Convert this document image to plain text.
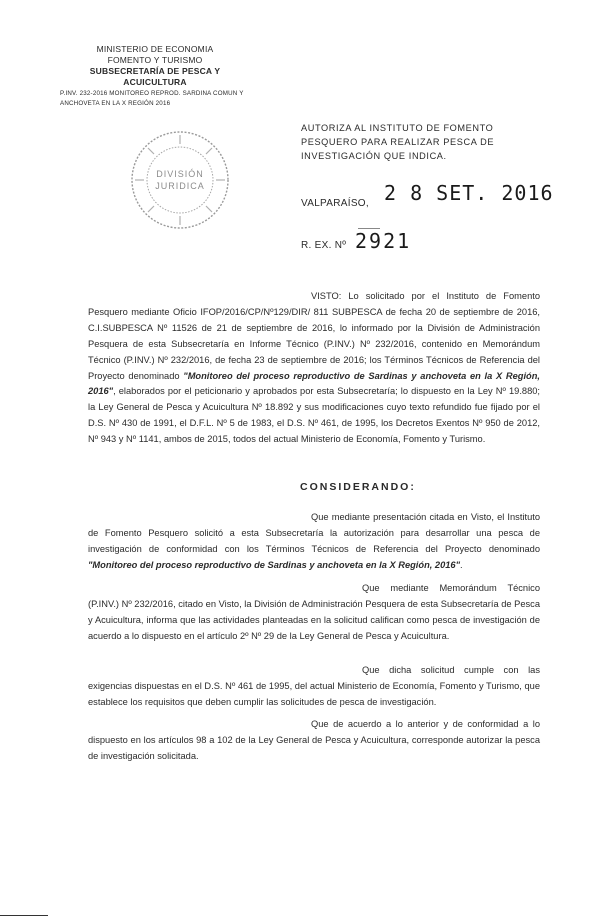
MINISTERIO DE ECONOMIA
FOMENTO Y TURISMO
SUBSECRETARÍA DE PESCA Y ACUICULTURA
P.INV. 232-2016 MONITOREO REPROD. SARDINA COMUN Y
ANCHOVETA EN LA X REGIÓN 2016
DIVISIÓN
JURIDICA
AUTORIZA AL INSTITUTO DE FOMENTO PESQUERO PARA REALIZAR PESCA DE INVESTIGACIÓN QUE INDICA.
2 8 SET. 2016
VALPARAÍSO,
R. EX. Nº 2921
VISTO: Lo solicitado por el Instituto de Fomento Pesquero mediante Oficio IFOP/2016/CP/Nº129/DIR/ 811 SUBPESCA de fecha 20 de septiembre de 2016, C.I.SUBPESCA Nº 11526 de 21 de septiembre de 2016, lo informado por la División de Administración Pesquera de esta Subsecretaría en Informe Técnico (P.INV.) Nº 232/2016, contenido en Memorándum Técnico (P.INV.) Nº 232/2016, de fecha 23 de septiembre de 2016; los Términos Técnicos de Referencia del Proyecto denominado "Monitoreo del proceso reproductivo de Sardinas y anchoveta en la X Región, 2016", elaborados por el peticionario y aprobados por esta Subsecretaría; lo dispuesto en la Ley Nº 19.880; la Ley General de Pesca y Acuicultura Nº 18.892 y sus modificaciones cuyo texto refundido fue fijado por el D.S. Nº 430 de 1991, el D.F.L. Nº 5 de 1983, el D.S. Nº 461, de 1995, los Decretos Exentos Nº 950 de 2012, Nº 943 y Nº 1141, ambos de 2015, todos del actual Ministerio de Economía, Fomento y Turismo.
CONSIDERANDO:
Que mediante presentación citada en Visto, el Instituto de Fomento Pesquero solicitó a esta Subsecretaría la autorización para desarrollar una pesca de investigación de conformidad con los Términos Técnicos de Referencia del Proyecto denominado "Monitoreo del proceso reproductivo de Sardinas y anchoveta en la X Región, 2016".
Que mediante Memorándum Técnico (P.INV.) Nº 232/2016, citado en Visto, la División de Administración Pesquera de esta Subsecretaría de Pesca y Acuicultura, informa que las actividades planteadas en la solicitud califican como pesca de investigación de acuerdo a lo dispuesto en el artículo 2º Nº 29 de la Ley General de Pesca y Acuicultura.
Que dicha solicitud cumple con las exigencias dispuestas en el D.S. Nº 461 de 1995, del actual Ministerio de Economía, Fomento y Turismo, que establece los requisitos que deben cumplir las solicitudes de pesca de investigación.
Que de acuerdo a lo anterior y de conformidad a lo dispuesto en los artículos 98 a 102 de la Ley General de Pesca y Acuicultura, corresponde autorizar la pesca de investigación solicitada.
